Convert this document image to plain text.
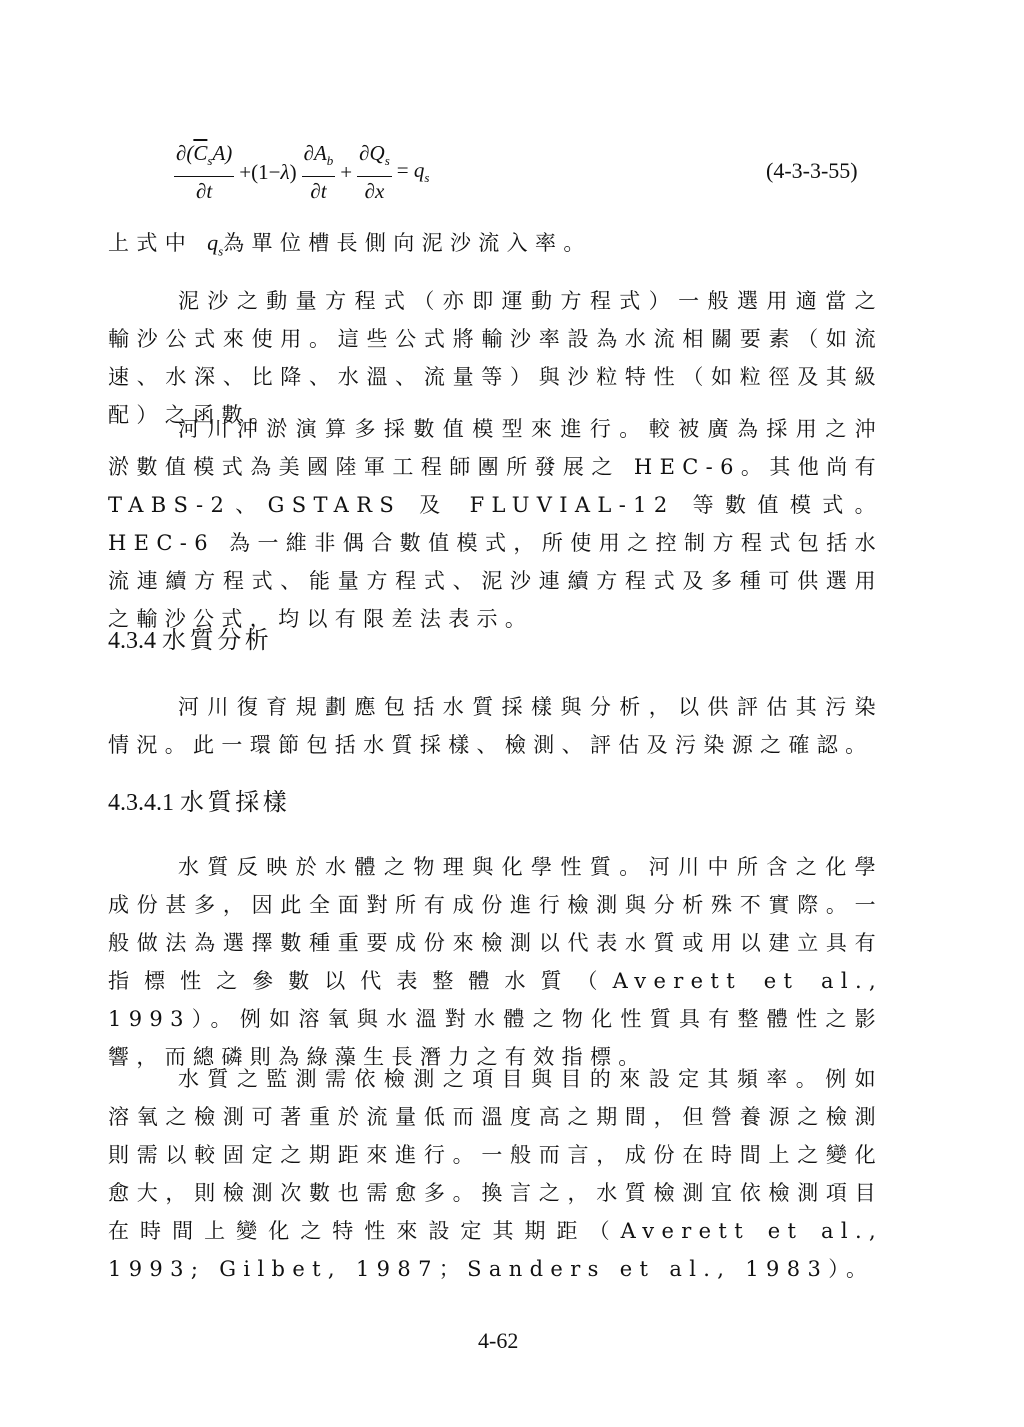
$\frac{\partial(\overline{C}_sA)}{\partial t} +(1-\lambda) \frac{\partial A_b}{\partial t} + \frac{\partial Q_s}{\partial x} = q_s$	(4-3-3-55)
上式中 $q_s$為單位槽長側向泥沙流入率。
泥沙之動量方程式（亦即運動方程式）一般選用適當之輸沙公式來使用。這些公式將輸沙率設為水流相關要素（如流速、水深、比降、水溫、流量等）與沙粒特性（如粒徑及其級配）之函數。
河川沖淤演算多採數值模型來進行。較被廣為採用之沖淤數值模式為美國陸軍工程師團所發展之 HEC-6。其他尚有 TABS-2、GSTARS 及 FLUVIAL-12 等數值模式。HEC-6 為一維非偶合數值模式，所使用之控制方程式包括水流連續方程式、能量方程式、泥沙連續方程式及多種可供選用之輸沙公式，均以有限差法表示。
4.3.4 水質分析
河川復育規劃應包括水質採樣與分析，以供評估其污染情況。此一環節包括水質採樣、檢測、評估及污染源之確認。
4.3.4.1 水質採樣
水質反映於水體之物理與化學性質。河川中所含之化學成份甚多，因此全面對所有成份進行檢測與分析殊不實際。一般做法為選擇數種重要成份來檢測以代表水質或用以建立具有指標性之參數以代表整體水質（Averett et al., 1993）。例如溶氧與水溫對水體之物化性質具有整體性之影響，而總磷則為綠藻生長潛力之有效指標。
水質之監測需依檢測之項目與目的來設定其頻率。例如溶氧之檢測可著重於流量低而溫度高之期間，但營養源之檢測則需以較固定之期距來進行。一般而言，成份在時間上之變化愈大，則檢測次數也需愈多。換言之，水質檢測宜依檢測項目在時間上變化之特性來設定其期距（Averett et al., 1993; Gilbet, 1987；Sanders et al., 1983）。
4-62
